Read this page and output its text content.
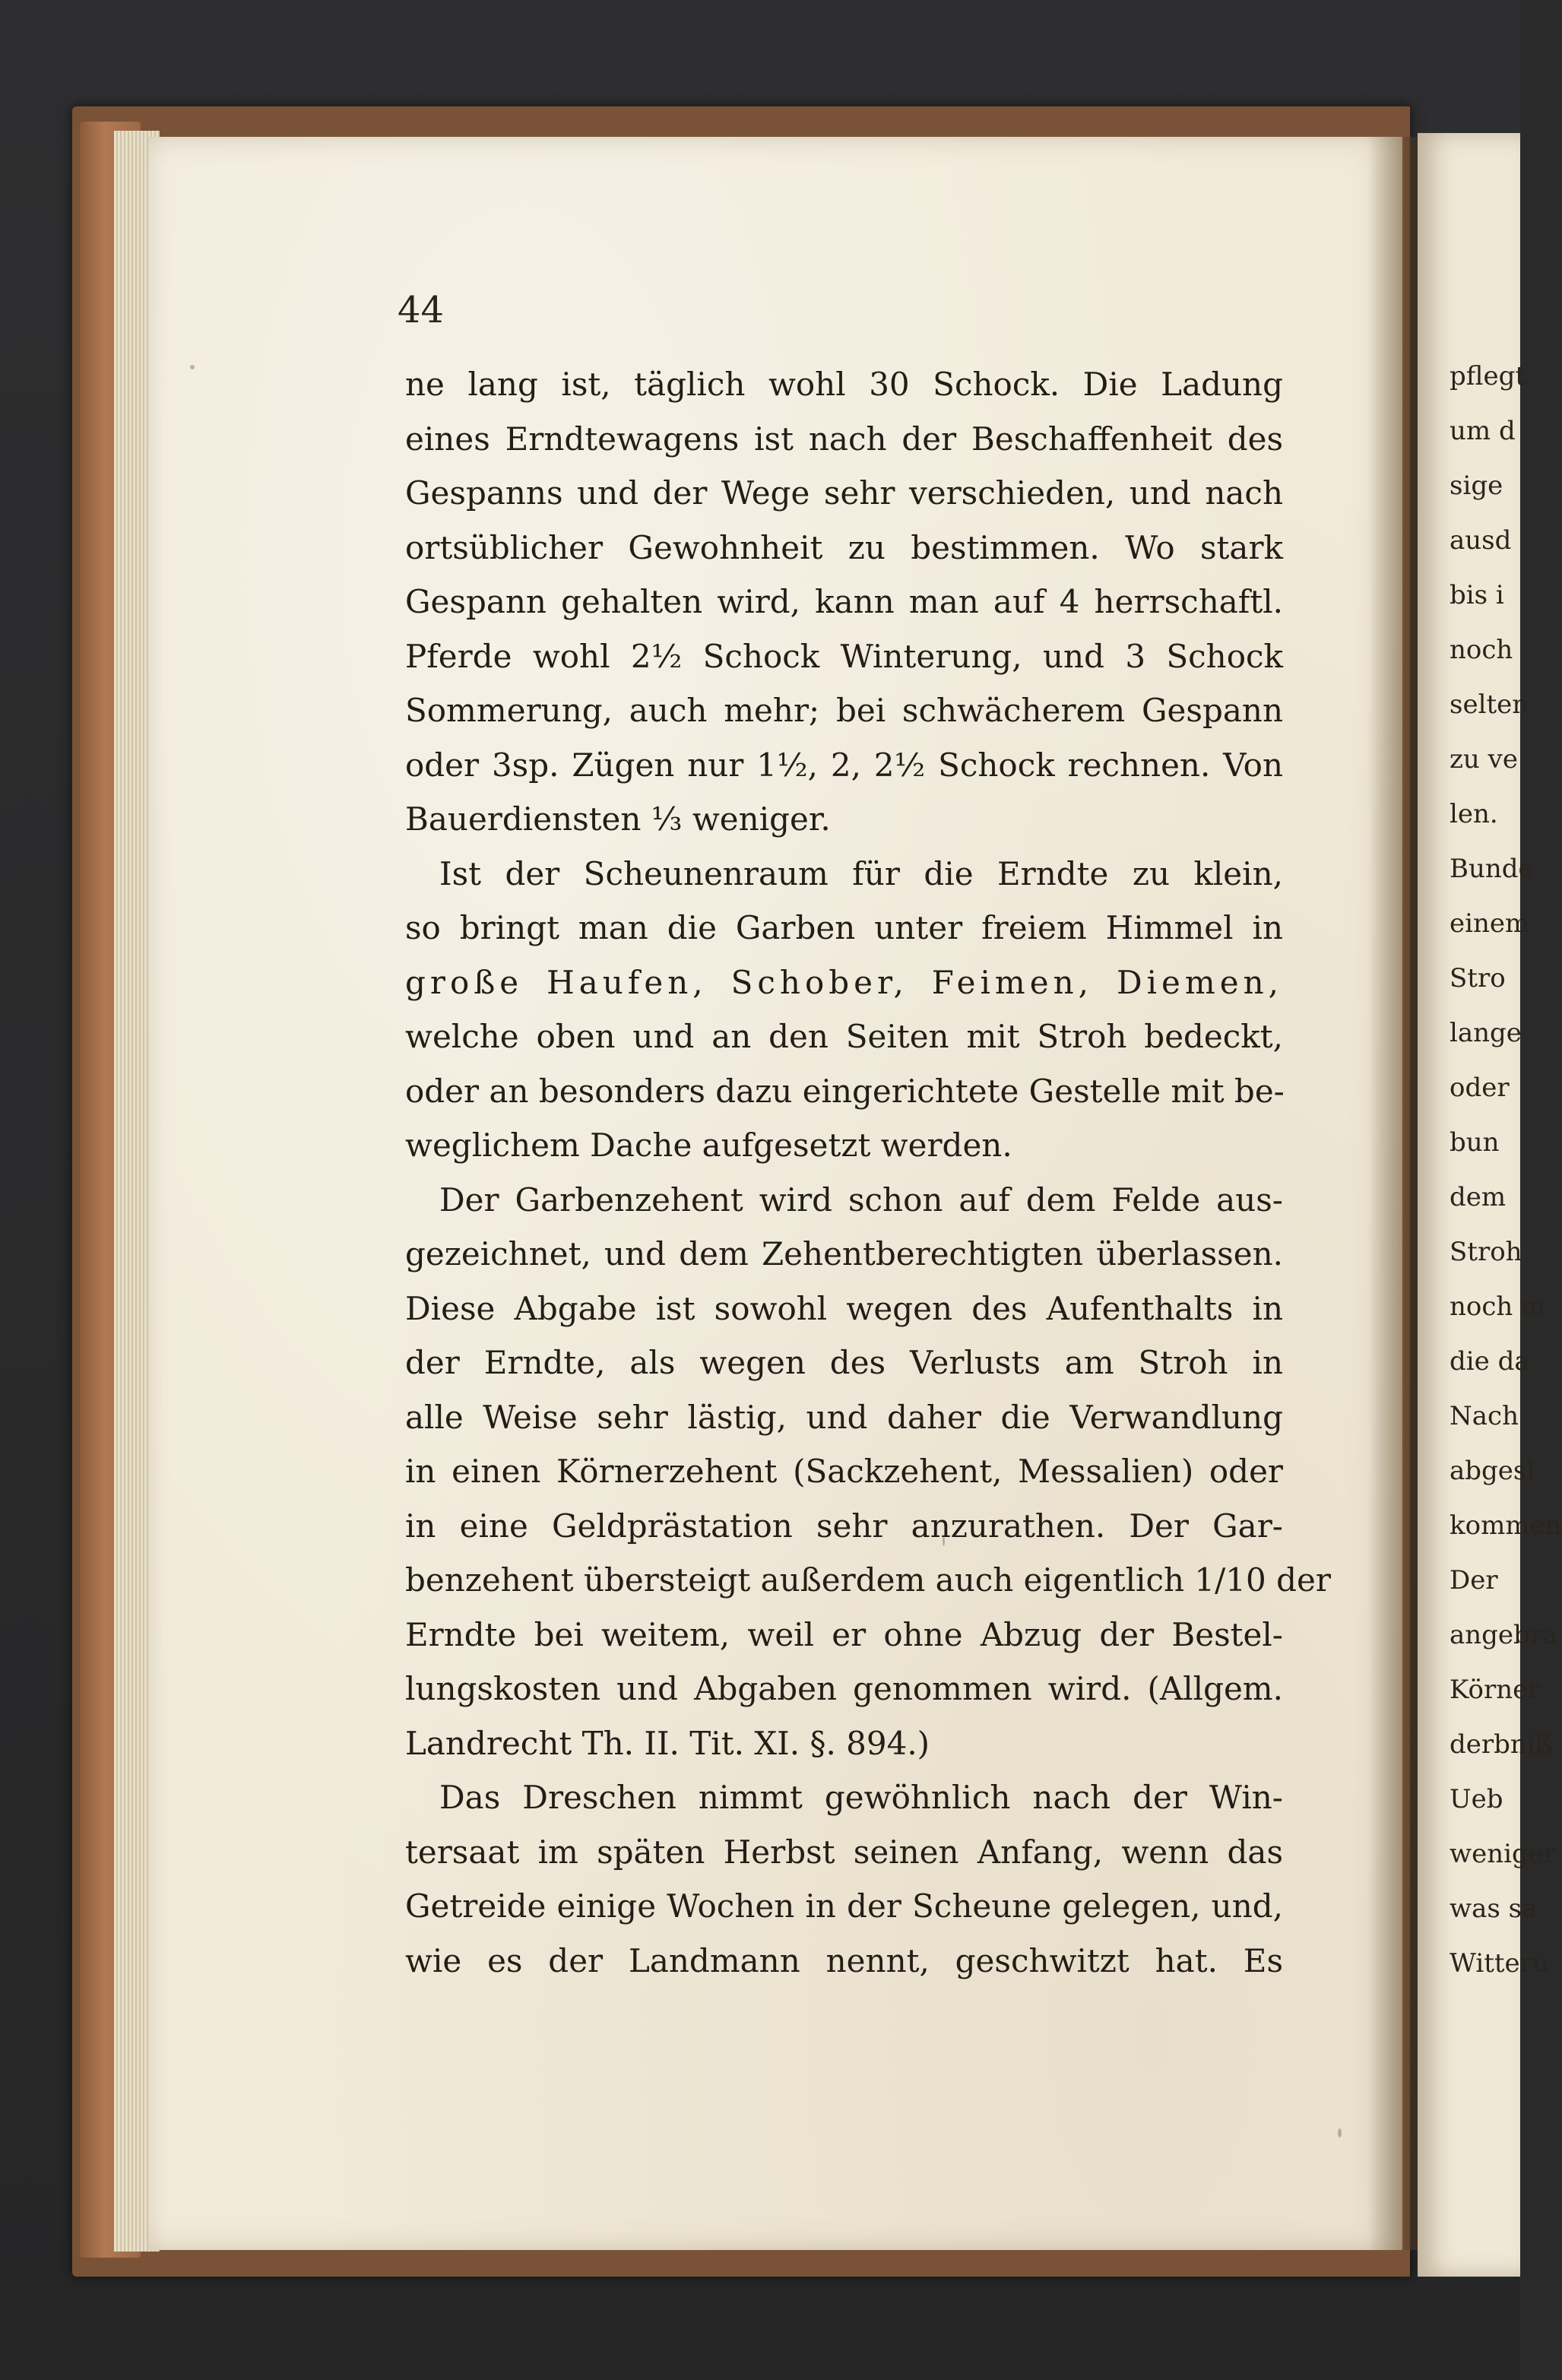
pflegt
um d
sige
ausd
bis i
noch
selten
zu ve
len.
Bunde
einem
Stro
lange
oder
bun
dem
Stroh
noch m
die da
Nach
abgesl
kommen
Der
angebra
Körner
derbniß
Ueb
weniger
was sa
Witteru

44

ne lang ist, täglich wohl 30 Schock. Die Ladung
eines Erndtewagens ist nach der Beschaffenheit des
Gespanns und der Wege sehr verschieden, und nach
ortsüblicher Gewohnheit zu bestimmen. Wo stark
Gespann gehalten wird, kann man auf 4 herrschaftl.
Pferde wohl 2½ Schock Winterung, und 3 Schock
Sommerung, auch mehr; bei schwächerem Gespann
oder 3sp. Zügen nur 1½, 2, 2½ Schock rechnen. Von
Bauerdiensten ⅓ weniger.
Ist der Scheunenraum für die Erndte zu klein,
so bringt man die Garben unter freiem Himmel in
große Haufen, Schober, Feimen, Diemen,
welche oben und an den Seiten mit Stroh bedeckt,
oder an besonders dazu eingerichtete Gestelle mit be-
weglichem Dache aufgesetzt werden.
Der Garbenzehent wird schon auf dem Felde aus-
gezeichnet, und dem Zehentberechtigten überlassen.
Diese Abgabe ist sowohl wegen des Aufenthalts in
der Erndte, als wegen des Verlusts am Stroh in
alle Weise sehr lästig, und daher die Verwandlung
in einen Körnerzehent (Sackzehent, Messalien) oder
in eine Geldprästation sehr anzurathen. Der Gar-
benzehent übersteigt außerdem auch eigentlich 1/10 der
Erndte bei weitem, weil er ohne Abzug der Bestel-
lungskosten und Abgaben genommen wird. (Allgem.
Landrecht Th. II. Tit. XI. §. 894.)
Das Dreschen nimmt gewöhnlich nach der Win-
tersaat im späten Herbst seinen Anfang, wenn das
Getreide einige Wochen in der Scheune gelegen, und,
wie es der Landmann nennt, geschwitzt hat. Es
